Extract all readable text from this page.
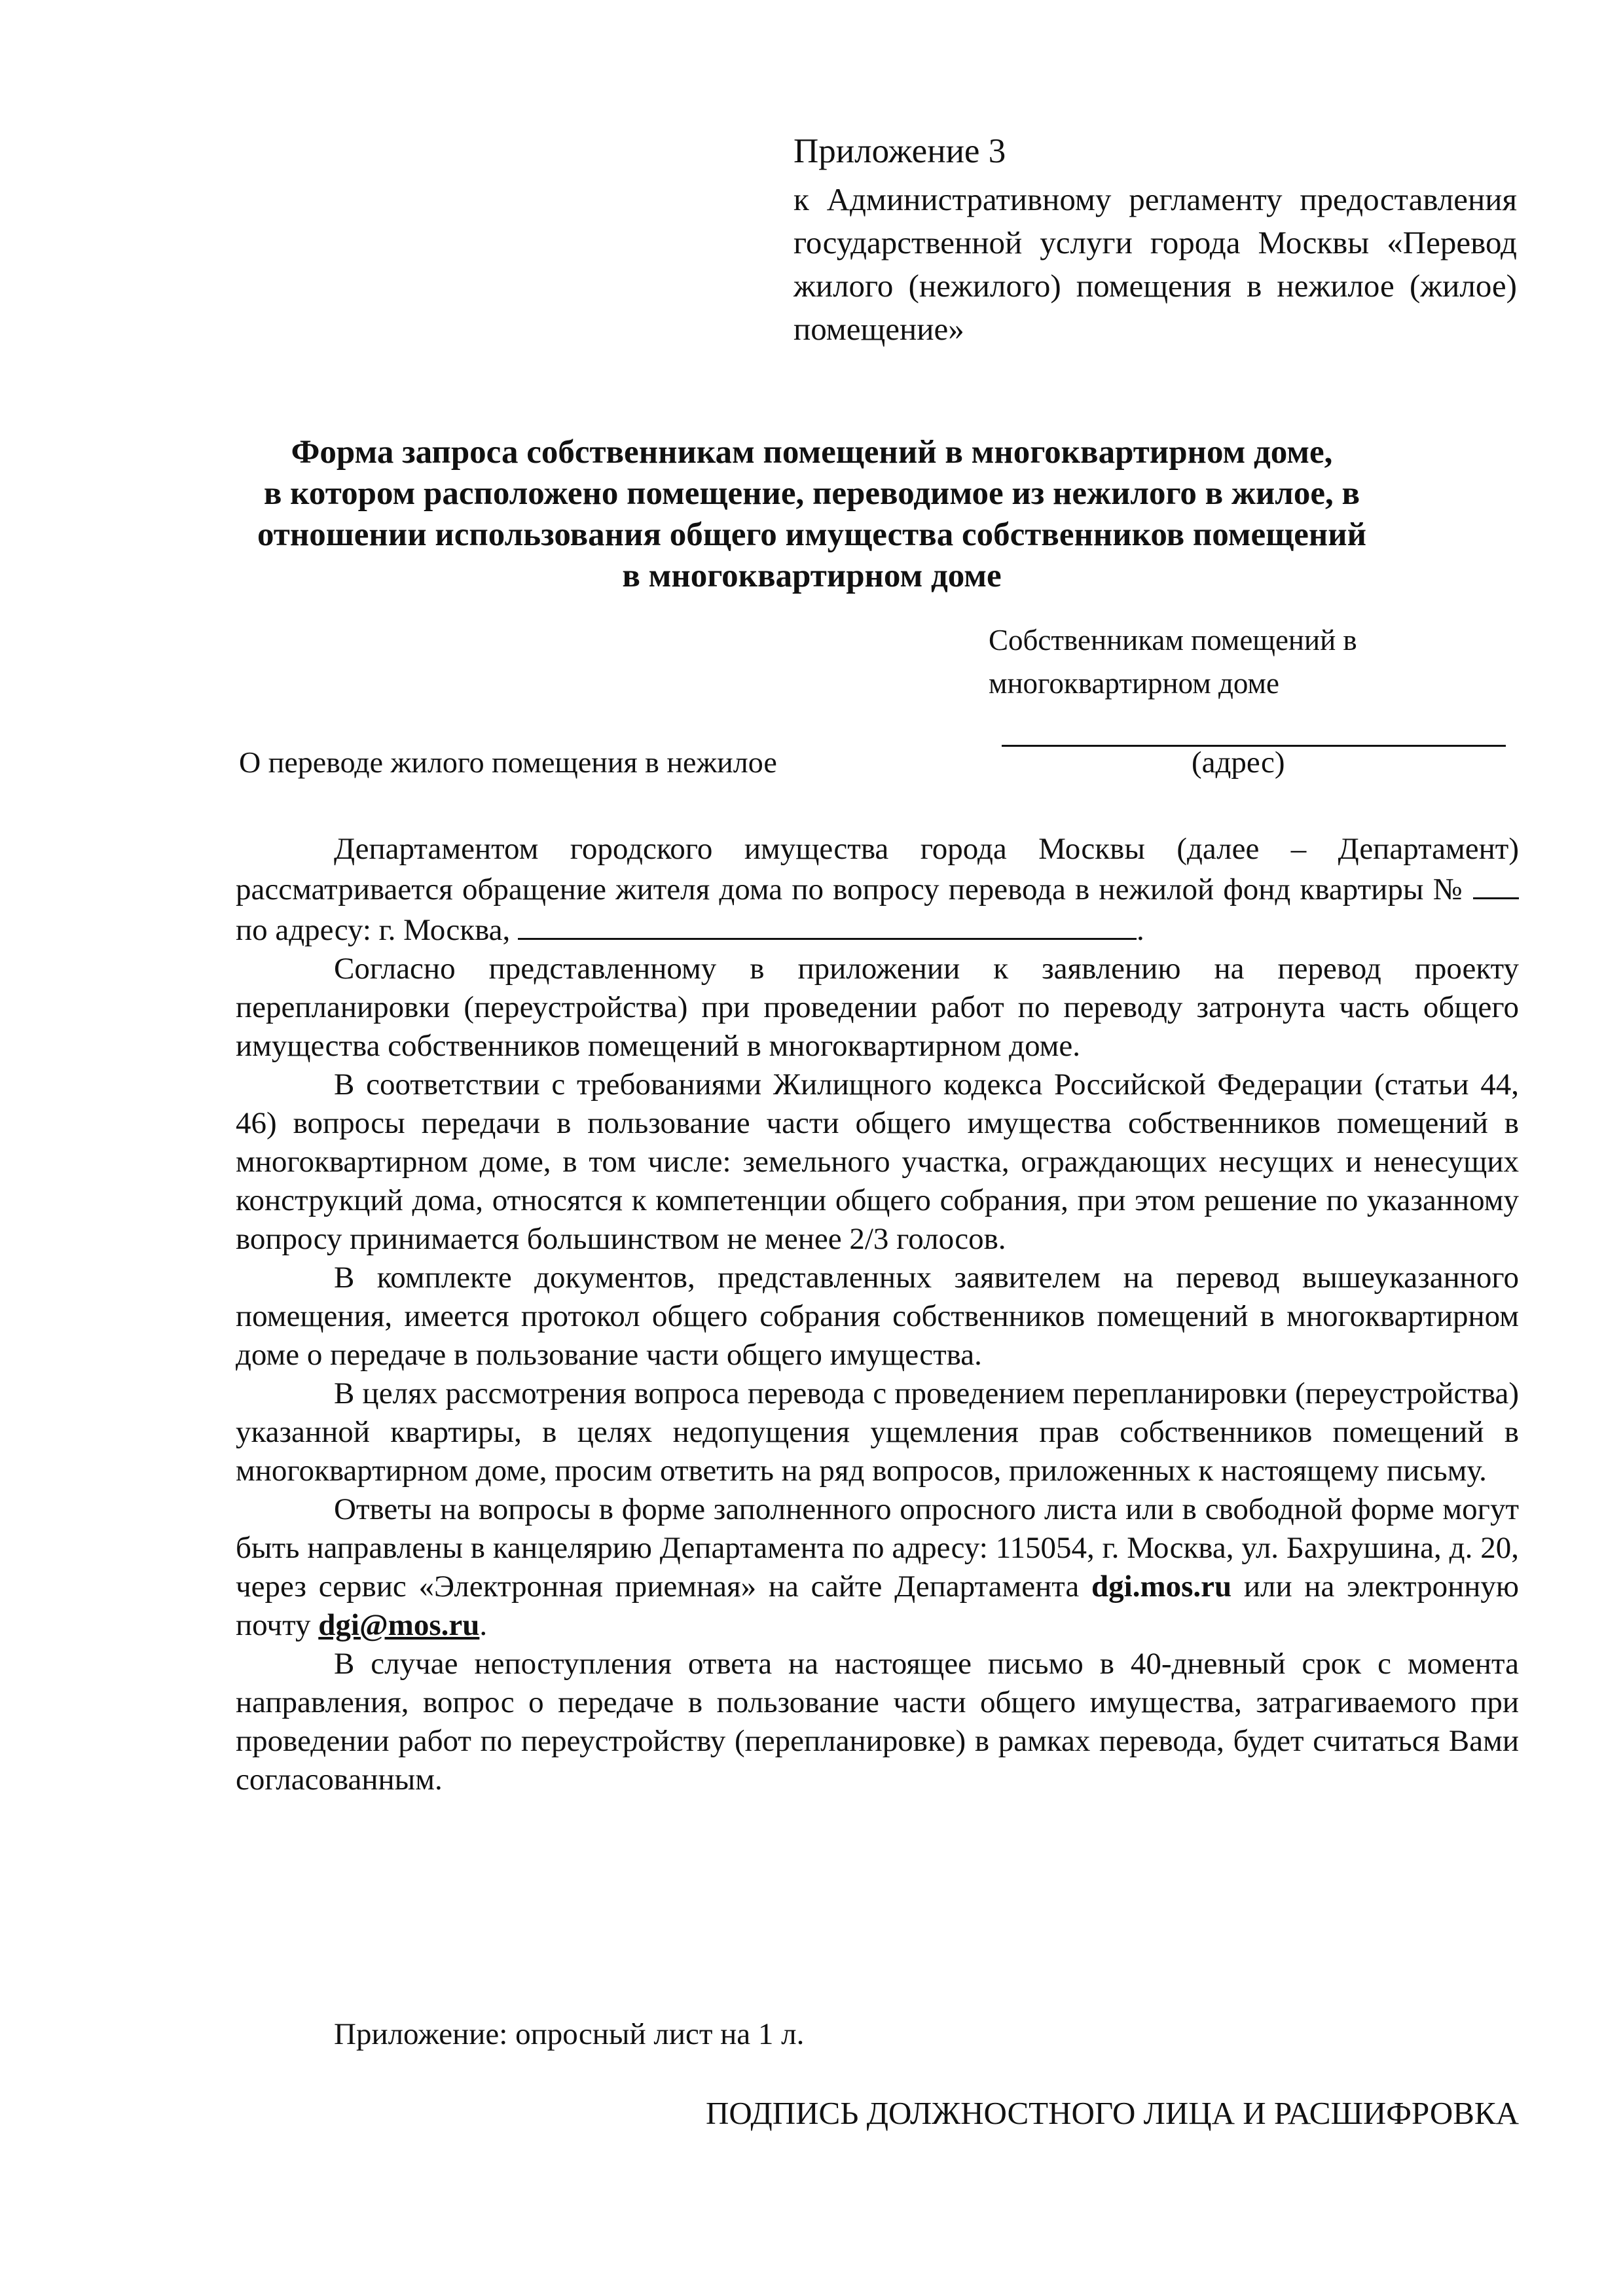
Приложение 3
к Административному регламенту предоставления государственной услуги города Москвы «Перевод жилого (нежилого) помещения в нежилое (жилое) помещение»
Форма запроса собственникам помещений в многоквартирном доме,
в котором расположено помещение, переводимое из нежилого в жилое, в
отношении использования общего имущества собственников помещений
в многоквартирном доме
Собственникам помещений в
многоквартирном доме
(адрес)
О переводе жилого помещения в нежилое

Департаментом городского имущества города Москвы (далее – Департамент) рассматривается обращение жителя дома по вопросу перевода в нежилой фонд квартиры №  по адресу: г. Москва,	.

Согласно представленному в приложении к заявлению на перевод проекту перепланировки (переустройства) при проведении работ по переводу затронута часть общего имущества собственников помещений в многоквартирном доме.

В соответствии с требованиями Жилищного кодекса Российской Федерации (статьи 44, 46) вопросы передачи в пользование части общего имущества собственников помещений в многоквартирном доме, в том числе: земельного участка, ограждающих несущих и ненесущих конструкций дома, относятся к компетенции общего собрания, при этом решение по указанному вопросу принимается большинством не менее 2/3 голосов.

В комплекте документов, представленных заявителем на перевод вышеуказанного помещения, имеется протокол общего собрания собственников помещений в многоквартирном доме о передаче в пользование части общего имущества.

В целях рассмотрения вопроса перевода с проведением перепланировки (переустройства) указанной квартиры, в целях недопущения ущемления прав собственников помещений в многоквартирном доме, просим ответить на ряд вопросов, приложенных к настоящему письму.

Ответы на вопросы в форме заполненного опросного листа или в свободной форме могут быть направлены в канцелярию Департамента по адресу: 115054, г. Москва, ул. Бахрушина, д. 20, через сервис «Электронная приемная» на сайте Департамента dgi.mos.ru или на электронную почту dgi@mos.ru.

В случае непоступления ответа на настоящее письмо в 40-дневный срок с момента направления, вопрос о передаче в пользование части общего имущества, затрагиваемого при проведении работ по переустройству (перепланировке) в рамках перевода, будет считаться Вами согласованным.

Приложение: опросный лист на 1 л.
ПОДПИСЬ ДОЛЖНОСТНОГО ЛИЦА И РАСШИФРОВКА
